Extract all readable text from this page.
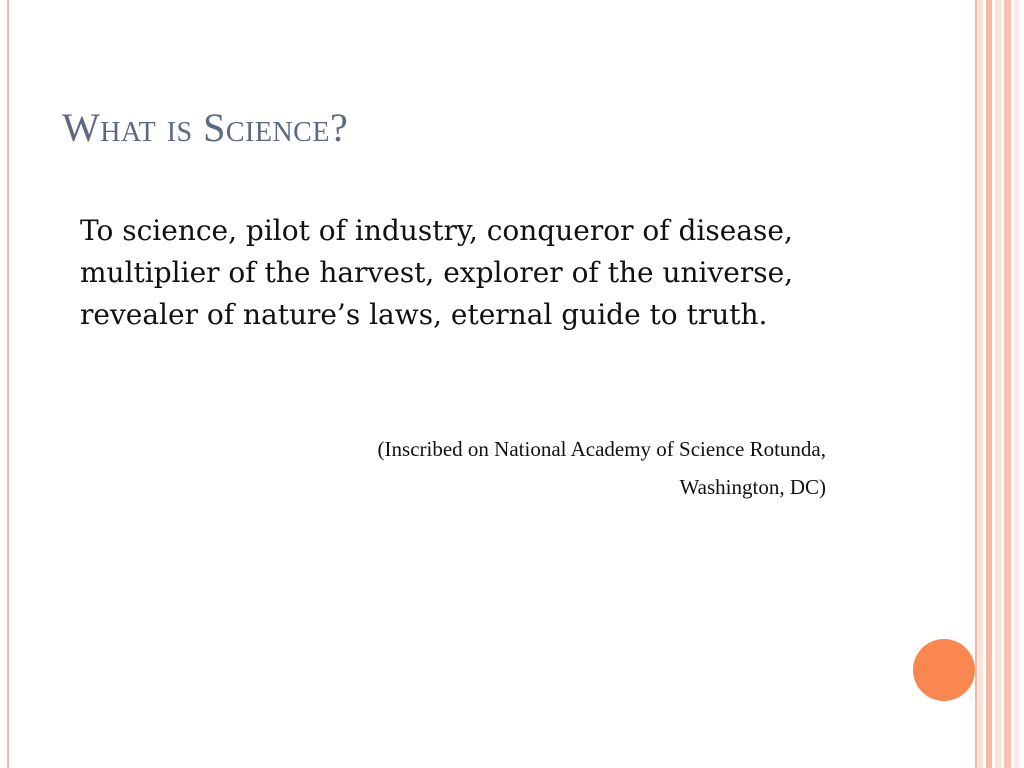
What is Science?
To science, pilot of industry, conqueror of disease, multiplier of the harvest, explorer of the universe, revealer of nature’s laws, eternal guide to truth.
(Inscribed on National Academy of Science Rotunda,
Washington, DC)
